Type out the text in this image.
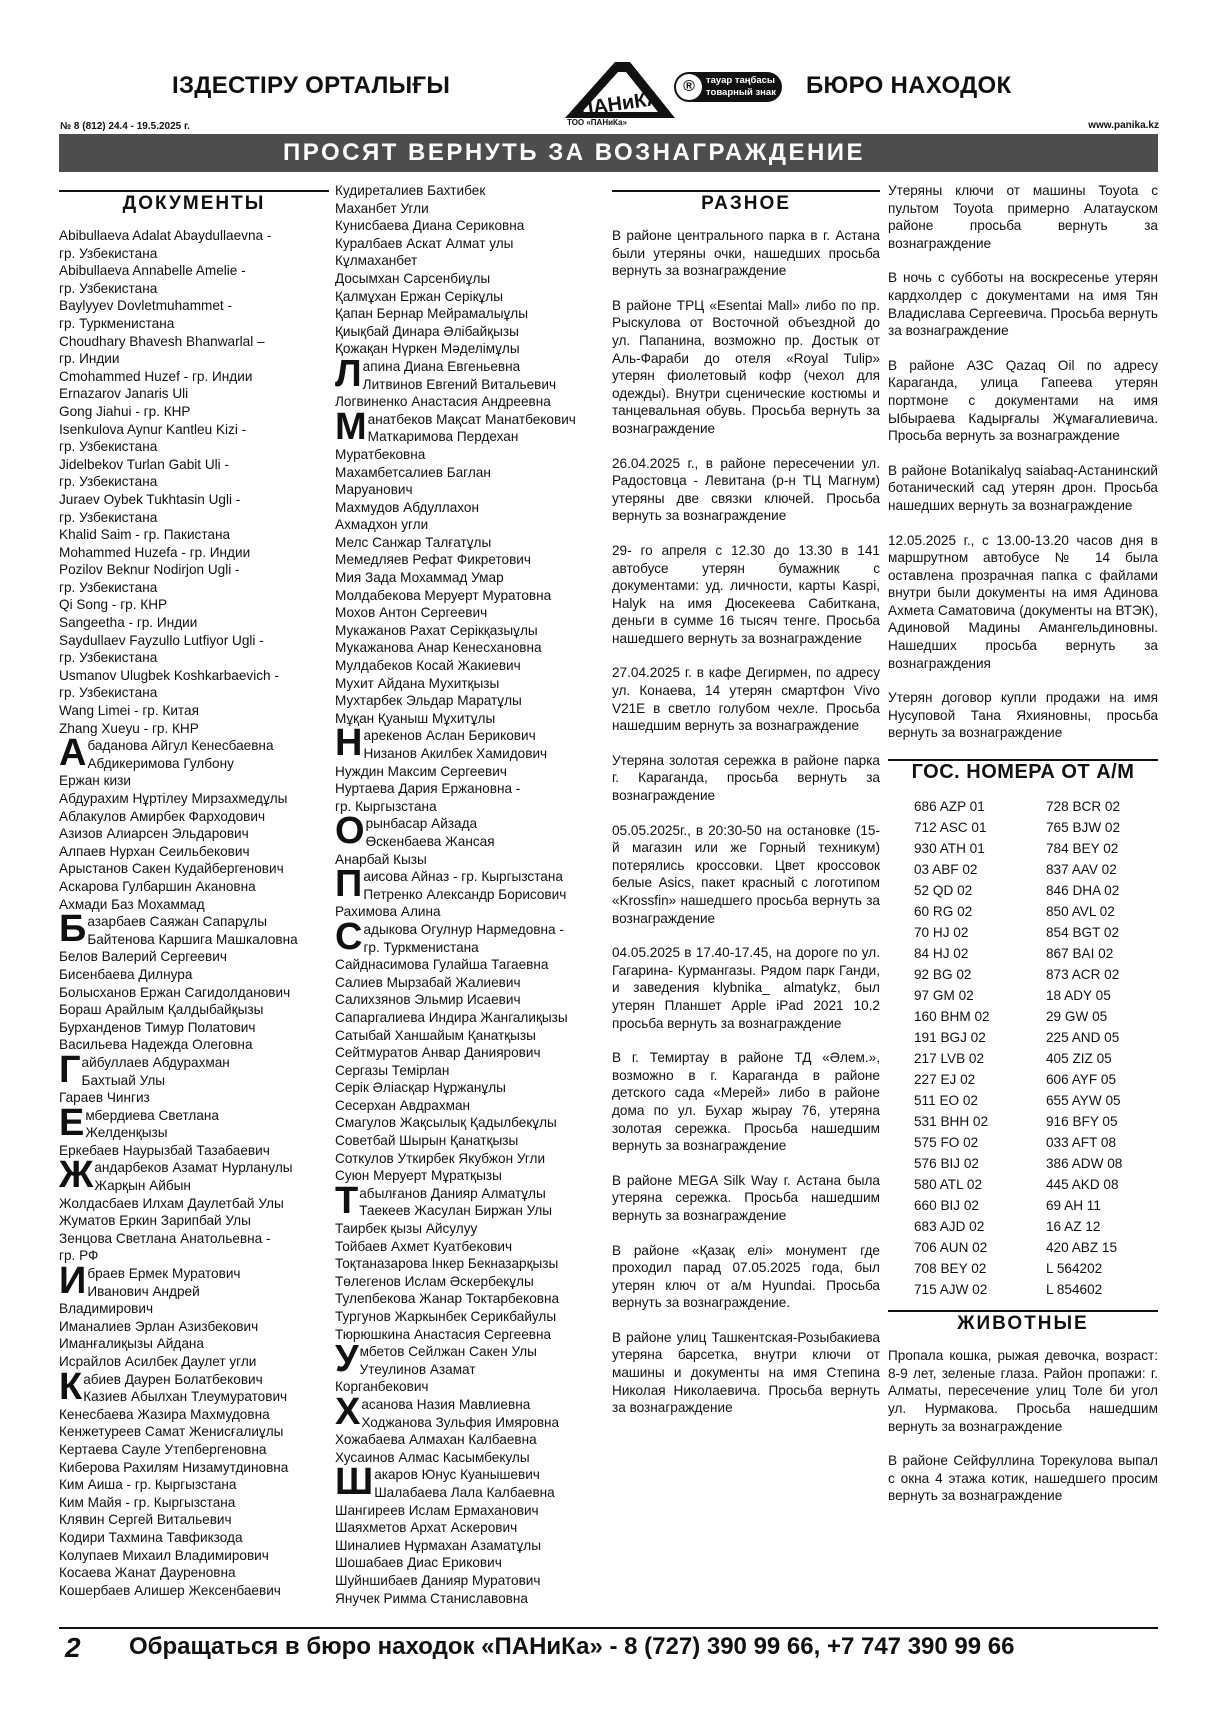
ІЗДЕСТІРУ ОРТАЛЫҒЫ
ПАНиКА
ТОО «ПАНиКа»
®	тауар таңбасы
товарный знак БЮРО НАХОДОК
№ 8 (812) 24.4 - 19.5.2025 г.	www.panika.kz
ПРОСЯТ ВЕРНУТЬ ЗА ВОЗНАГРАЖДЕНИЕ
ДОКУМЕНТЫ
Abibullaeva Adalat Abaydullaevna -
гр. Узбекистана
Abibullaeva Annabelle Amelie -
гр. Узбекистана
Baylyyev Dovletmuhammet -
гр. Туркменистана
Choudhary Bhavesh Bhanwarlal –
гр. Индии
Cmohammed Huzef - гр. Индии
Ernazarov Janaris Uli
Gong Jiahui - гр. КНР
Isenkulova Aynur Kantleu Kizi -
гр. Узбекистана
Jidelbekov Turlan Gabit Uli -
гр. Узбекистана
Juraev Oybek Tukhtasin Ugli -
гр. Узбекистана
Khalid Saim - гр. Пакистана
Mohammed Huzefa - гр. Индии
Pozilov Beknur Nodirjon Ugli -
гр. Узбекистана
Qi Song - гр. КНР
Sangeetha - гр. Индии
Saydullaev Fayzullo Lutfiyor Ugli -
гр. Узбекистана
Usmanov Ulugbek Koshkarbaevich -
гр. Узбекистана
Wang Limei - гр. Китая
Zhang Xueyu - гр. КНР
А баданова Айгул Кенесбаевна
Абдикеримова Гулбону
Ержан кизи
Абдурахим Нұртілеу Мирзахмедұлы
Аблакулов Амирбек Фарходович
Азизов Алиарсен Эльдарович
Алпаев Нурхан Сеильбекович
Арыстанов Сакен Кудайбергенович
Аскарова Гулбаршин Акановна
Ахмади Баз Мохаммад
Б азарбаев Саяжан Сапарұлы
Байтенова Каршига Машкаловна
Белов Валерий Сергеевич
Бисенбаева Дилнура
Болысханов Ержан Сагидолданович
Бораш Арайлым Қалдыбайқызы
Бурханденов Тимур Полатович
Васильева Надежда Олеговна
Г айбуллаев Абдурахман
Бахтыай Улы
Гараев Чингиз
Е мбердиева Светлана
Желденқызы
Еркебаев Наурызбай Тазабаевич
Ж андарбеков Азамат Нурланулы
Жарқын Айбын
Жолдасбаев Илхам Даулетбай Улы
Жуматов Еркин Зарипбай Улы
Зенцова Светлана Анатольевна -
гр. РФ
И браев Ермек Муратович
Иванович Андрей
Владимирович
Иманалиев Эрлан Азизбекович
Иманғалиқызы Айдана
Исрайлов Асилбек Даулет угли
К абиев Даурен Болатбекович
Казиев Абылхан Тлеумуратович
Кенесбаева Жазира Махмудовна
Кенжетуреев Самат Женисғалиұлы
Кертаева Сауле Утепбергеновна
Киберова Рахилям Низамутдиновна
Ким Аиша - гр. Кыргызстана
Ким Майя - гр. Кыргызстана
Клявин Сергей Витальевич
Кодири Тахмина Тавфикзода
Колупаев Михаил Владимирович
Косаева Жанат Дауреновна
Кошербаев Алишер Жексенбаевич
Кудиреталиев Бахтибек
Маханбет Угли
Кунисбаева Диана Сериковна
Куралбаев Аскат Алмат улы
Кұлмаханбет
Досымхан Сарсенбиұлы
Қалмұхан Ержан Серікұлы
Қапан Бернар Мейрамалыұлы
Қиықбай Динара Әлібайқызы
Қожақан Нүркен Мәделімұлы
Л апина Диана Евгеньевна
Литвинов Евгений Витальевич
Логвиненко Анастасия Андреевна
М анатбеков Мақсат Манатбекович
Маткаримова Пердехан
Муратбековна
Махамбетсалиев Баглан
Маруанович
Махмудов Абдуллахон
Ахмадхон угли
Мелс Санжар Талғатұлы
Мемедляев Рефат Фикретович
Мия Зада Мохаммад Умар
Молдабекова Меруерт Муратовна
Мохов Антон Сергеевич
Мукажанов Рахат Серікқазыұлы
Мукажанова Анар Кенесхановна
Мулдабеков Косай Жакиевич
Мухит Айдана Мухитқызы
Мухтарбек Эльдар Маратұлы
Мұқан Қуаныш Мұхитұлы
Н арекенов Аслан Берикович
Низанов Акилбек Хамидович
Нуждин Максим Сергеевич
Нуртаева Дария Ержановна -
гр. Кыргызстана
О рынбасар Айзада
Өскенбаева Жансая
Анарбай Кызы
П аисова Айназ - гр. Кыргызстана
Петренко Александр Борисович
Рахимова Алина
С адыкова Огулнур Нармедовна -
гр. Туркменистана
Сайднасимова Гулайша Тагаевна
Салиев Мырзабай Жалиевич
Салихзянов Эльмир Исаевич
Сапаргалиева Индира Жангалиқызы
Сатыбай Ханшайым Қанатқызы
Сейтмуратов Анвар Даниярович
Сергазы Темірлан
Серік Әліасқар Нұржанұлы
Сесерхан Авдрахман
Смагулов Жақсылық Қадылбекұлы
Советбай Шырын Қанатқызы
Соткулов Уткирбек Якубжон Угли
Суюн Меруерт Мұратқызы
Т абылғанов Данияр Алматұлы
Таекеев Жасулан Биржан Улы
Таирбек қызы Айсулуу
Тойбаев Ахмет Куатбекович
Тоқтаназарова Інкер Бекназарқызы
Төлегенов Ислам Әскербекұлы
Тулепбекова Жанар Токтарбековна
Тургунов Жаркынбек Серикбайулы
Тюрюшкина Анастасия Сергеевна
У мбетов Сейлжан Сакен Улы
Утеулинов Азамат
Корганбекович
Х асанова Назия Мавлиевна
Ходжанова Зульфия Имяровна
Хожабаева Алмахан Калбаевна
Хусаинов Алмас Касымбекулы
Ш акаров Юнус Куанышевич
Шалабаева Лала Калбаевна
Шангиреев Ислам Ермаханович
Шаяхметов Архат Аскерович
Шиналиев Нұрмахан Азаматұлы
Шошабаев Диас Ерикович
Шуйншибаев Данияр Муратович
Янучек Римма Станиславовна
РАЗНОЕ
В районе центрального парка в г. Астана были утеряны очки, нашедших просьба вернуть за вознаграждение
В районе ТРЦ «Esentai Mall» либо по пр. Рыскулова от Восточной объездной до ул. Папанина, возможно пр. Достык от Аль-Фараби до отеля «Royal Tulip» утерян фиолетовый кофр (чехол для одежды). Внутри сценические костюмы и танцевальная обувь. Просьба вернуть за вознаграждение
26.04.2025 г., в районе пересечении ул. Радостовца - Левитана (р-н ТЦ Магнум) утеряны две связки ключей. Просьба вернуть за вознаграждение
29- го апреля с 12.30 до 13.30 в 141 автобусе утерян бумажник с документами: уд. личности, карты Kaspi, Halyk на имя Дюсекеева Сабиткана, деньги в сумме 16 тысяч тенге. Просьба нашедшего вернуть за вознаграждение
27.04.2025 г. в кафе Дегирмен, по адресу ул. Конаева, 14 утерян смартфон Vivo V21E в светло голубом чехле. Просьба нашедшим вернуть за вознаграждение
Утеряна золотая сережка в районе парка г. Караганда, просьба вернуть за вознаграждение
05.05.2025г., в 20:30-50 на остановке (15-й магазин или же Горный техникум) потерялись кроссовки. Цвет кроссовок белые Asics, пакет красный с логотипом «Krossfin» нашедшего просьба вернуть за вознаграждение
04.05.2025 в 17.40-17.45, на дороге по ул. Гагарина- Курмангазы. Рядом парк Ганди, и заведения klybnika_ almatykz, был утерян Планшет Apple iPad 2021 10.2 просьба вернуть за вознаграждение
В г. Темиртау в районе ТД «Әлем.», возможно в г. Караганда в районе детского сада «Мерей» либо в районе дома по ул. Бухар жырау 76, утеряна золотая сережка. Просьба нашедшим вернуть за вознаграждение
В районе MEGA Silk Way г. Астана была утеряна сережка. Просьба нашедшим вернуть за вознаграждение
В районе «Қазақ елі» монумент где проходил парад 07.05.2025 года, был утерян ключ от а/м Hyundai. Просьба вернуть за вознаграждение.
В районе улиц Ташкентская-Розыбакиева утеряна барсетка, внутри ключи от машины и документы на имя Степина Николая Николаевича. Просьба вернуть за вознаграждение
Утеряны ключи от машины Toyota с пультом Toyota примерно Алатауском районе просьба вернуть за вознаграждение
В ночь с субботы на воскресенье утерян кардхолдер с документами на имя Тян Владислава Сергеевича. Просьба вернуть за вознаграждение
В районе АЗС Qazaq Oil по адресу Караганда, улица Гапеева утерян портмоне с документами на имя Ыбыраева Кадырғалы Жұмағалиевича. Просьба вернуть за вознаграждение
В районе Botanikalyq saiabaq-Астанинский ботанический сад утерян дрон. Просьба нашедших вернуть за вознаграждение
12.05.2025 г., с 13.00-13.20 часов дня в маршрутном автобусе № 14 была оставлена прозрачная папка с файлами внутри были документы на имя Адинова Ахмета Саматовича (документы на ВТЭК), Адиновой Мадины Амангельдиновны. Нашедших просьба вернуть за вознаграждения
Утерян договор купли продажи на имя Нусуповой Тана Яхияновны, просьба вернуть за вознаграждение
ГОС. НОМЕРА ОТ А/М
686 AZP 01	728 BCR 02
712 ASC 01	765 BJW 02
930 ATH 01	784 BEY 02
03 ABF 02	837 AAV 02
52 QD 02	846 DHA 02
60 RG 02	850 AVL 02
70 HJ 02	854 BGT 02
84 HJ 02	867 BAI 02
92 BG 02	873 ACR 02
97 GM 02	18 ADY 05
160 BHM 02	29 GW 05
191 BGJ 02	225 AND 05
217 LVB 02	405 ZIZ 05
227 EJ 02	606 AYF 05
511 EO 02	655 AYW 05
531 BHH 02	916 BFY 05
575 FO 02	033 AFT 08
576 BIJ 02	386 ADW 08
580 ATL 02	445 AKD 08
660 BIJ 02	69 AH 11
683 AJD 02	16 AZ 12
706 AUN 02	420 ABZ 15
708 BEY 02	L 564202
715 AJW 02	L 854602
ЖИВОТНЫЕ
Пропала кошка, рыжая девочка, возраст: 8-9 лет, зеленые глаза. Район пропажи: г. Алматы, пересечение улиц Толе би угол ул. Нурмакова. Просьба нашедшим вернуть за вознаграждение
В районе Сейфуллина Торекулова выпал с окна 4 этажа котик, нашедшего просим вернуть за вознаграждение
2 Обращаться в бюро находок «ПАНиКа» - 8 (727) 390 99 66, +7 747 390 99 66
